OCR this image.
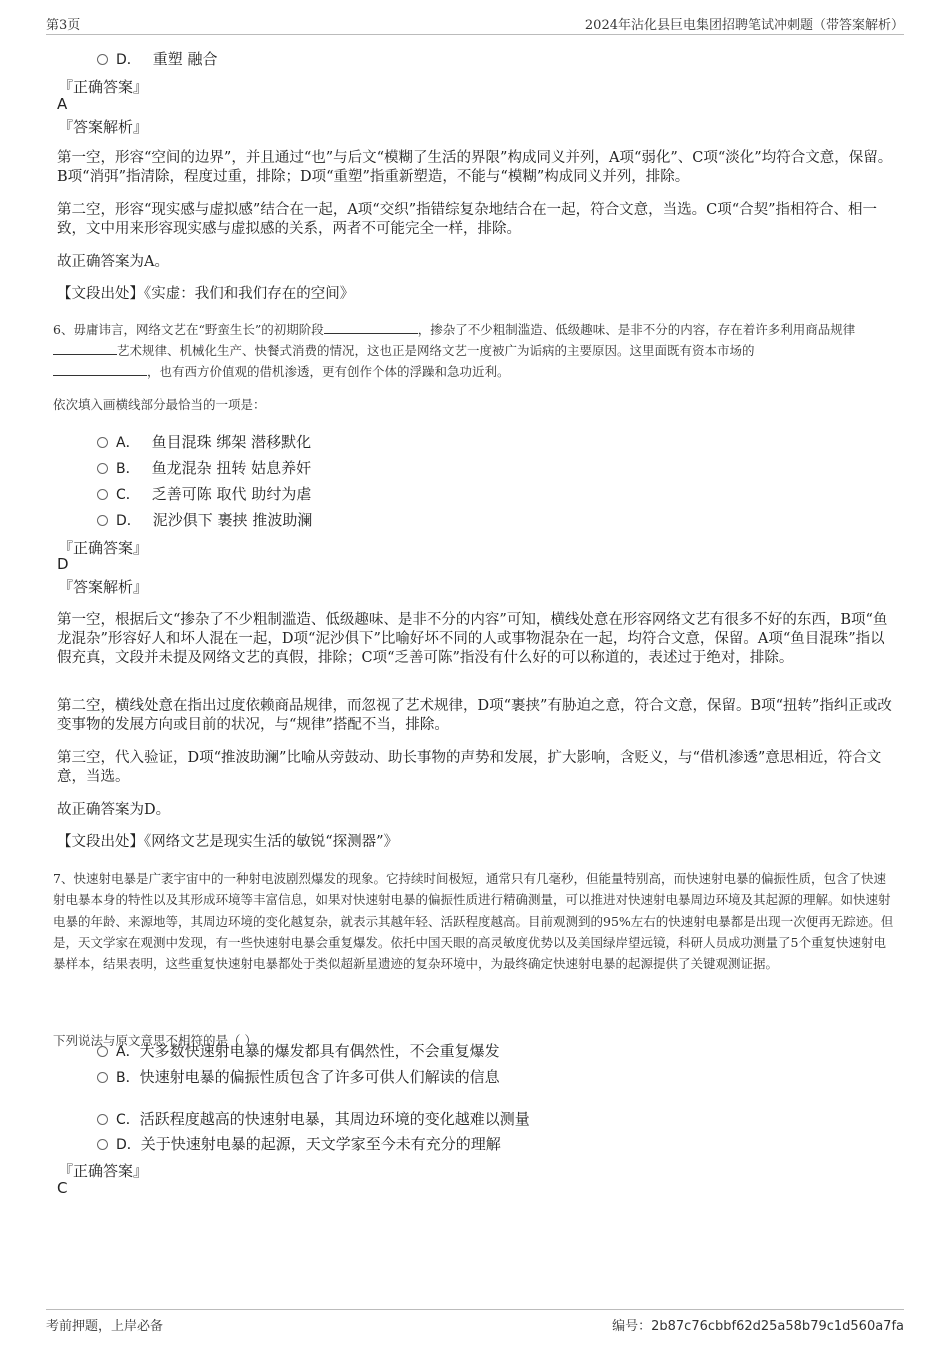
第3页	2024年沾化县巨电集团招聘笔试冲刺题（带答案解析）
D． 重塑 融合
『正确答案』
A
『答案解析』
第一空，形容“空间的边界”，并且通过“也”与后文“模糊了生活的界限”构成同义并列，A项“弱化”、C项“淡化”均符合文意，保留。B项“消弭”指清除，程度过重，排除；D项“重塑”指重新塑造，不能与“模糊”构成同义并列，排除。
第二空，形容“现实感与虚拟感”结合在一起，A项“交织”指错综复杂地结合在一起，符合文意，当选。C项“合契”指相符合、相一致，文中用来形容现实感与虚拟感的关系，两者不可能完全一样，排除。
故正确答案为A。
【文段出处】《实虚：我们和我们存在的空间》
6、毋庸讳言，网络文艺在“野蛮生长”的初期阶段	，掺杂了不少粗制滥造、低级趣味、是非不分的内容，存在着许多利用商品规律艺术规律、机械化生产、快餐式消费的情况，这也正是网络文艺一度被广为诟病的主要原因。这里面既有资本市场的
，也有西方价值观的借机渗透，更有创作个体的浮躁和急功近利。
依次填入画横线部分最恰当的一项是：
A． 鱼目混珠 绑架 潜移默化
B． 鱼龙混杂 扭转 姑息养奸
C． 乏善可陈 取代 助纣为虐
D． 泥沙俱下 裹挟 推波助澜
『正确答案』
D
『答案解析』
第一空，根据后文“掺杂了不少粗制滥造、低级趣味、是非不分的内容”可知，横线处意在形容网络文艺有很多不好的东西，B项“鱼龙混杂”形容好人和坏人混在一起，D项“泥沙俱下”比喻好坏不同的人或事物混杂在一起，均符合文意，保留。A项“鱼目混珠”指以假充真，文段并未提及网络文艺的真假，排除；C项“乏善可陈”指没有什么好的可以称道的，表述过于绝对，排除。
第二空，横线处意在指出过度依赖商品规律，而忽视了艺术规律，D项“裹挟”有胁迫之意，符合文意，保留。B项“扭转”指纠正或改变事物的发展方向或目前的状况，与“规律”搭配不当，排除。
第三空，代入验证，D项“推波助澜”比喻从旁鼓动、助长事物的声势和发展，扩大影响，含贬义，与“借机渗透”意思相近，符合文意，当选。
故正确答案为D。
【文段出处】《网络文艺是现实生活的敏锐“探测器”》
7、快速射电暴是广袤宇宙中的一种射电波剧烈爆发的现象。它持续时间极短，通常只有几毫秒，但能量特别高，而快速射电暴的偏振性质，包含了快速射电暴本身的特性以及其形成环境等丰富信息，如果对快速射电暴的偏振性质进行精确测量，可以推进对快速射电暴周边环境及其起源的理解。如快速射电暴的年龄、来源地等，其周边环境的变化越复杂，就表示其越年轻、活跃程度越高。目前观测到的95%左右的快速射电暴都是出现一次便再无踪迹。但是，天文学家在观测中发现，有一些快速射电暴会重复爆发。依托中国天眼的高灵敏度优势以及美国绿岸望远镜，科研人员成功测量了5个重复快速射电暴样本，结果表明，这些重复快速射电暴都处于类似超新星遗迹的复杂环境中，为最终确定快速射电暴的起源提供了关键观测证据。
下列说法与原文意思不相符的是（ ）。
A．大多数快速射电暴的爆发都具有偶然性，不会重复爆发
B．快速射电暴的偏振性质包含了许多可供人们解读的信息
C．活跃程度越高的快速射电暴，其周边环境的变化越难以测量
D．关于快速射电暴的起源，天文学家至今未有充分的理解
『正确答案』
C
考前押题，上岸必备	编号：2b87c76cbbf62d25a58b79c1d560a7fa
